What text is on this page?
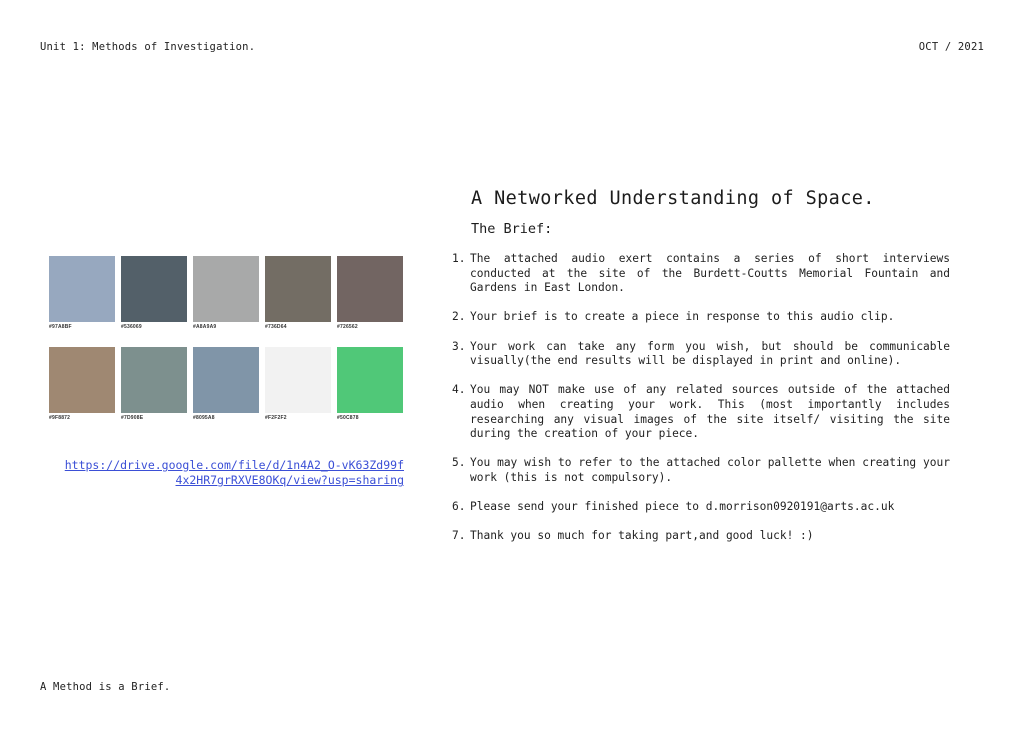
Unit 1: Methods of Investigation.	OCT / 2021
#97A8BF	#536069	#A8A9A9	#736D64	#726562
#9F8872	#7D908E	#8095A8	#F2F2F2	#50C878
https://drive.google.com/file/d/1n4A2_O-vK63Zd99f4x2HR7grRXVE8OKq/view?usp=sharing
A Networked Understanding of Space.
The Brief:
1. The attached audio exert contains a series of short interviews conducted at the site of the Burdett-Coutts Memorial Fountain and Gardens in East London.
2. Your brief is to create a piece in response to this audio clip.
3. Your work can take any form you wish, but should be communicable visually(the end results will be displayed in print and online).
4. You may NOT make use of any related sources outside of the attached audio when creating your work. This (most importantly includes researching any visual images of the site itself/ visiting the site during the creation of your piece.
5. You may wish to refer to the attached color pallette when creating your work (this is not compulsory).
6. Please send your finished piece to d.morrison0920191@arts.ac.uk
7. Thank you so much for taking part,and good luck! :)
A Method is a Brief.
